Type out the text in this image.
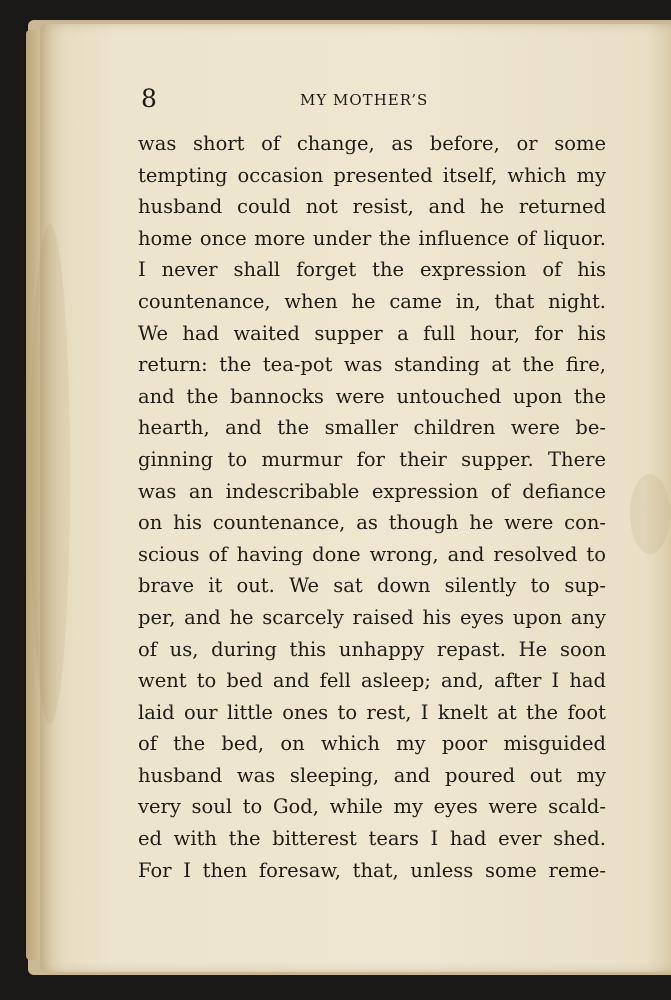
8	MY MOTHER’S
was short of change, as before, or some
tempting occasion presented itself, which my
husband could not resist, and he returned
home once more under the influence of liquor.
I never shall forget the expression of his
countenance, when he came in, that night.
We had waited supper a full hour, for his
return: the tea-pot was standing at the fire,
and the bannocks were untouched upon the
hearth, and the smaller children were be-
ginning to murmur for their supper. There
was an indescribable expression of defiance
on his countenance, as though he were con-
scious of having done wrong, and resolved to
brave it out. We sat down silently to sup-
per, and he scarcely raised his eyes upon any
of us, during this unhappy repast. He soon
went to bed and fell asleep; and, after I had
laid our little ones to rest, I knelt at the foot
of the bed, on which my poor misguided
husband was sleeping, and poured out my
very soul to God, while my eyes were scald-
ed with the bitterest tears I had ever shed.
For I then foresaw, that, unless some reme-
